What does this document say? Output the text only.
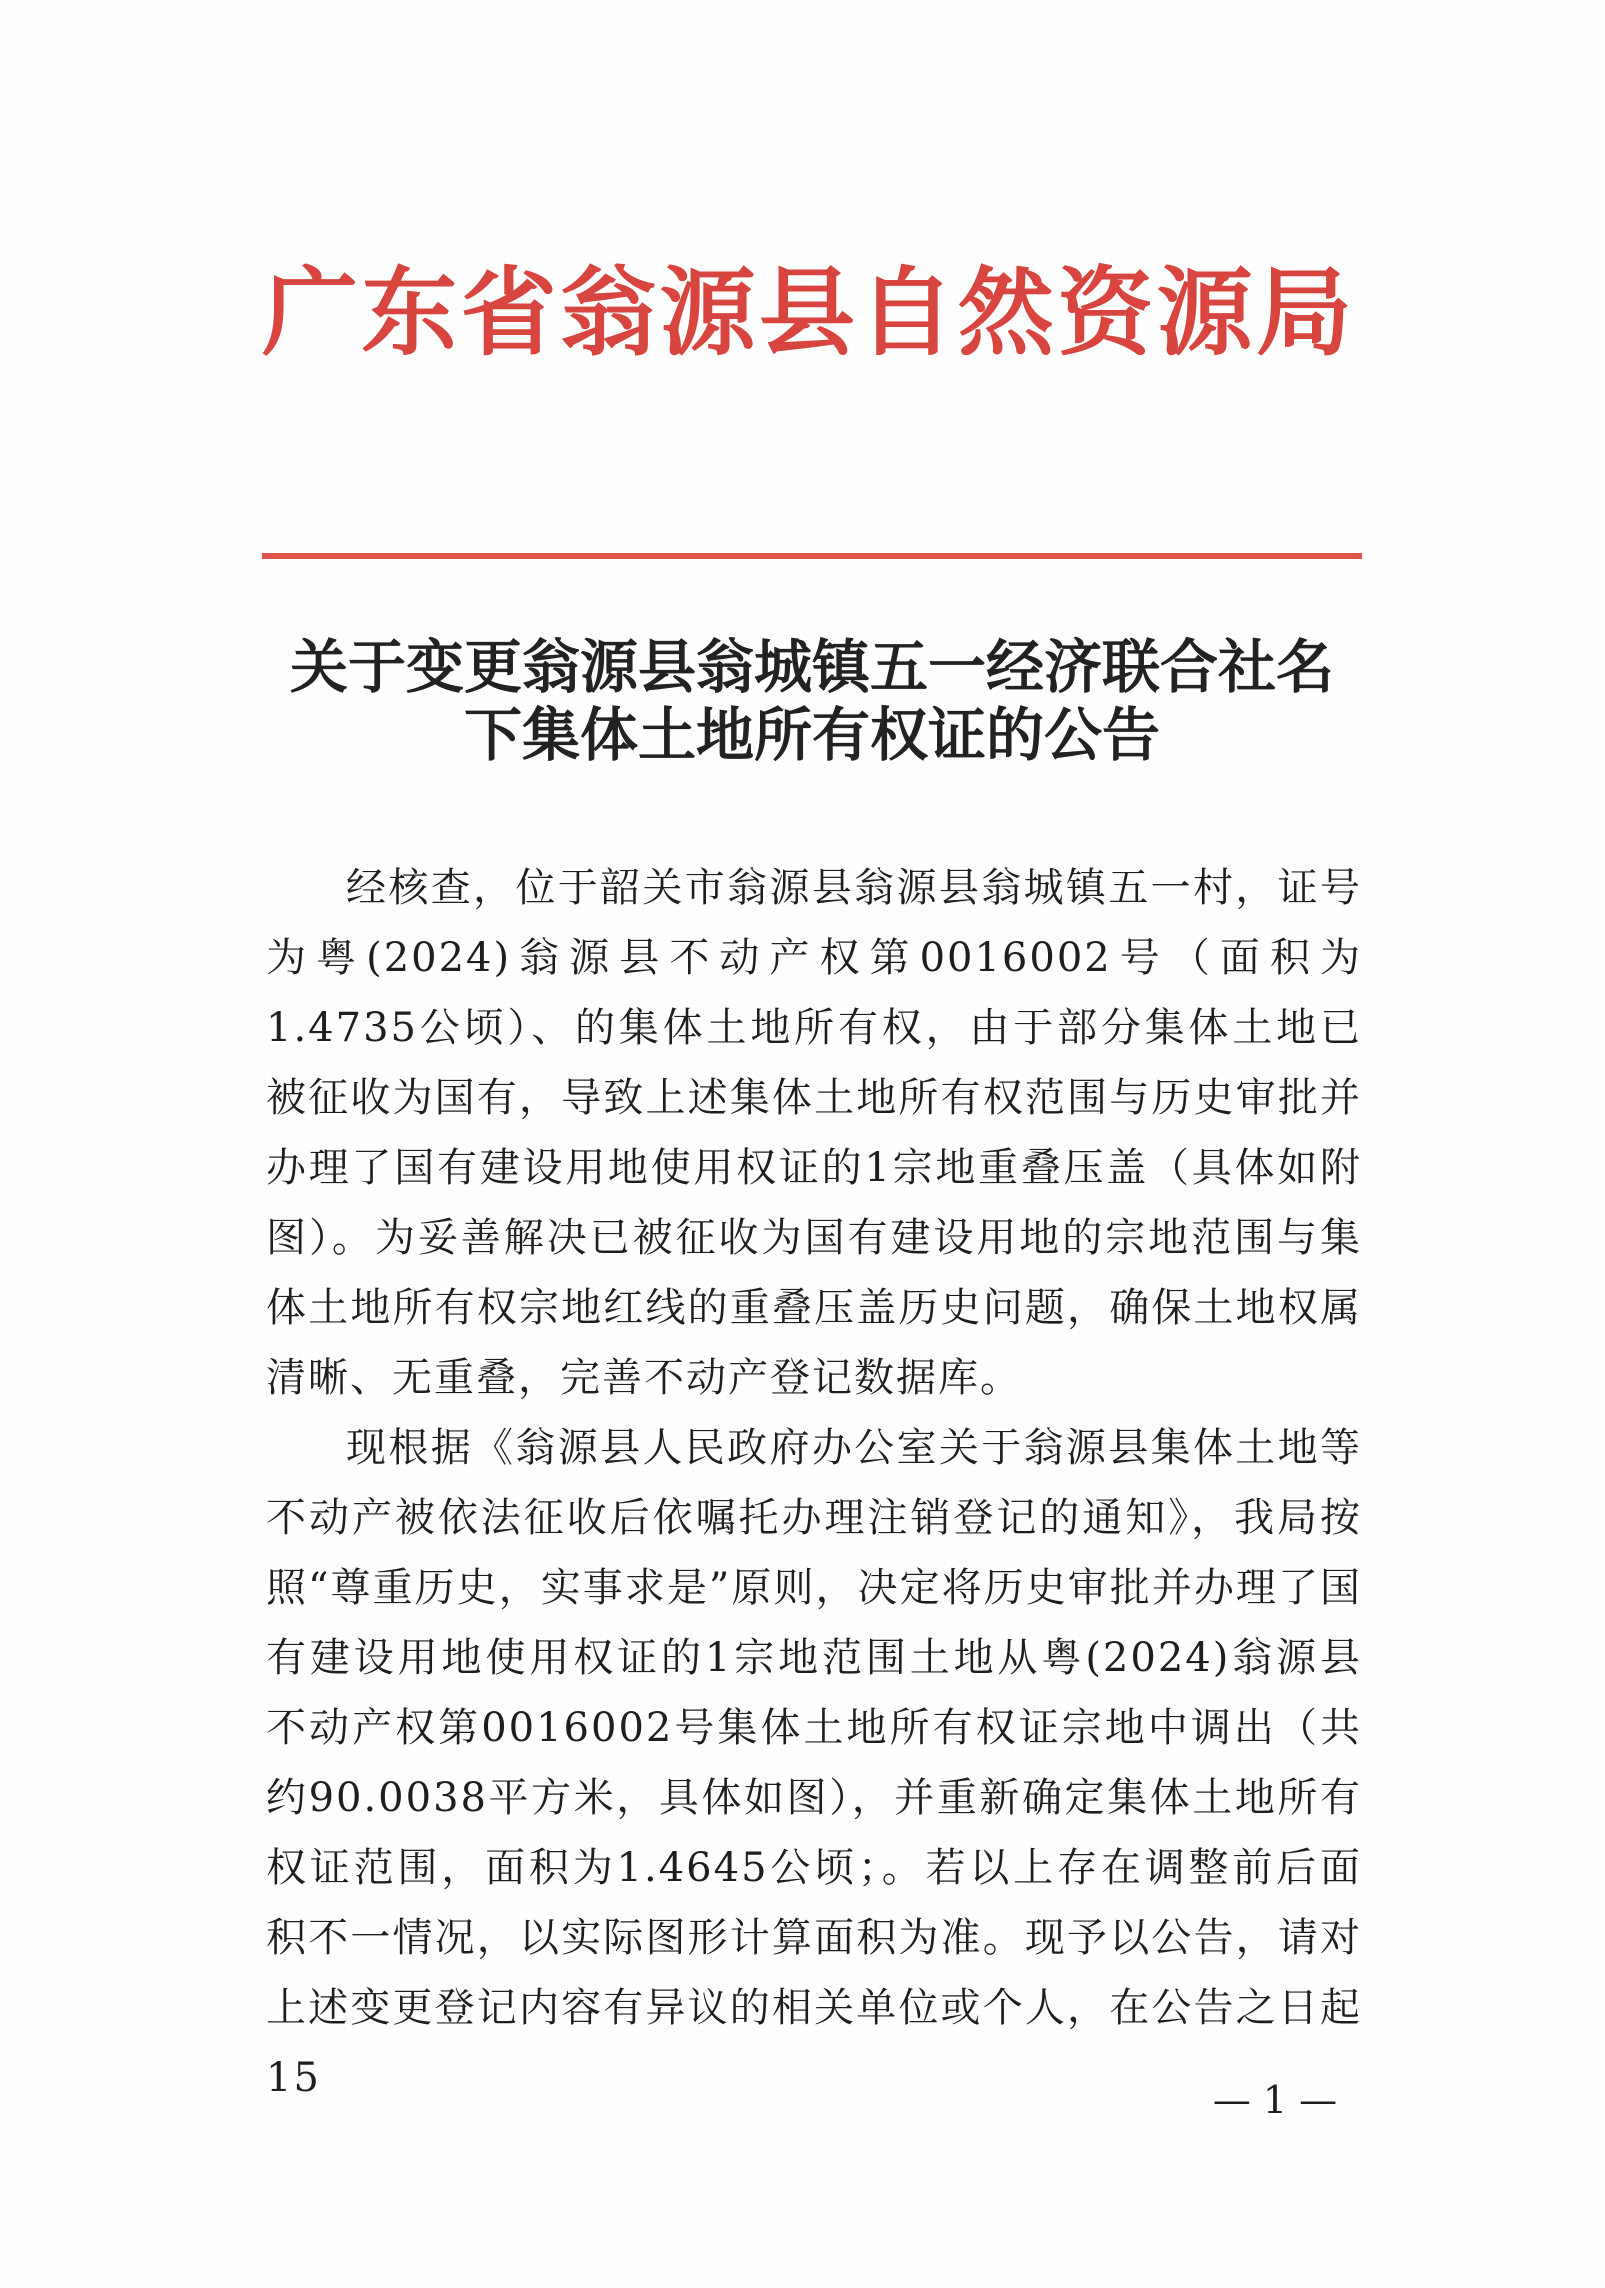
广东省翁源县自然资源局
关于变更翁源县翁城镇五一经济联合社名
下集体土地所有权证的公告

经核查，位于韶关市翁源县翁源县翁城镇五一村，证号为粤(2024)翁源县不动产权第0016002号（面积为1.4735公顷）、的集体土地所有权，由于部分集体土地已被征收为国有，导致上述集体土地所有权范围与历史审批并办理了国有建设用地使用权证的1宗地重叠压盖（具体如附图）。为妥善解决已被征收为国有建设用地的宗地范围与集体土地所有权宗地红线的重叠压盖历史问题，确保土地权属清晰、无重叠，完善不动产登记数据库。

现根据《翁源县人民政府办公室关于翁源县集体土地等不动产被依法征收后依嘱托办理注销登记的通知》，我局按照“尊重历史，实事求是”原则，决定将历史审批并办理了国有建设用地使用权证的1宗地范围土地从粤(2024)翁源县不动产权第0016002号集体土地所有权证宗地中调出（共约90.0038平方米，具体如图），并重新确定集体土地所有权证范围，面积为1.4645公顷；。若以上存在调整前后面积不一情况，以实际图形计算面积为准。现予以公告，请对上述变更登记内容有异议的相关单位或个人，在公告之日起15	— 1 —
